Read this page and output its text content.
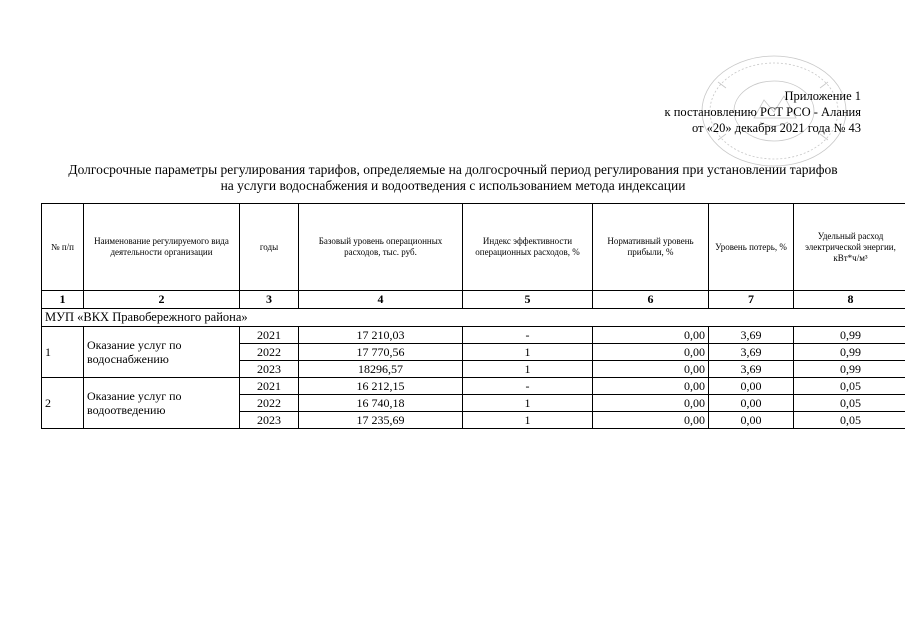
Приложение 1
к постановлению РСТ РСО - Алания
от «20» декабря 2021 года № 43
Долгосрочные параметры регулирования тарифов, определяемые на долгосрочный период регулирования при установлении тарифов
на услуги водоснабжения и водоотведения с использованием метода индексации
№ п/п	Наименование регулируемого вида деятельности организации	годы	Базовый уровень операционных расходов, тыс. руб.	Индекс эффективности операционных расходов, %	Нормативный уровень прибыли, %	Уровень потерь, %	Удельный расход электрической энергии, кВт*ч/м³
1	2	3	4	5	6	7	8
МУП «ВКХ Правобережного района»							
1	Оказание услуг по водоснабжению	2021	17 210,03	-	0,00	3,69	0,99
		2022	17 770,56	1	0,00	3,69	0,99
		2023	18296,57	1	0,00	3,69	0,99
2	Оказание услуг по водоотведению	2021	16 212,15	-	0,00	0,00	0,05
		2022	16 740,18	1	0,00	0,00	0,05
		2023	17 235,69	1	0,00	0,00	0,05
